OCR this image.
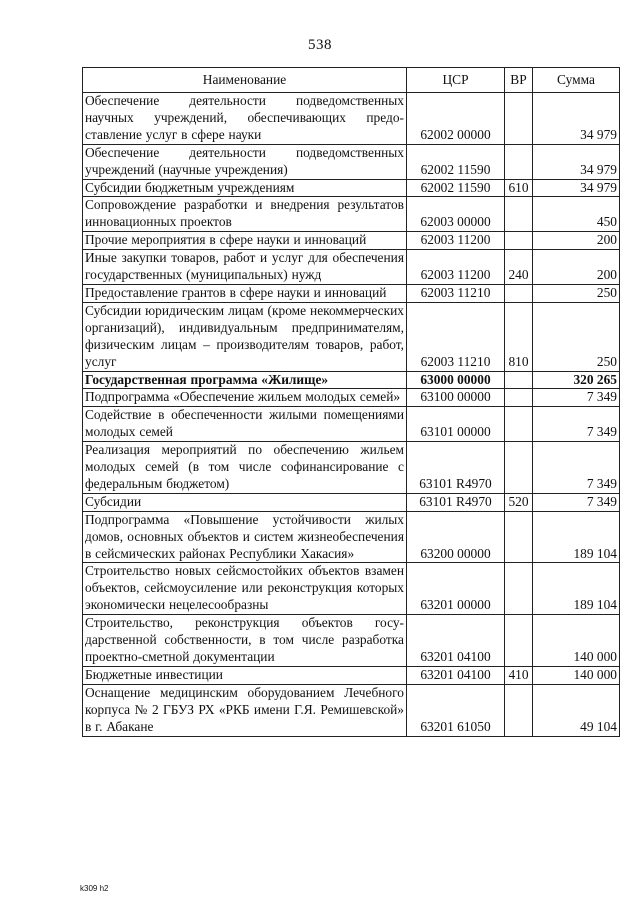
538
Наименование	ЦСР	ВР	Сумма
Обеспечение деятельности подведомственных научных учреждений, обеспечивающих предоставление услуг в сфере науки	62002 00000		34 979
Обеспечение деятельности подведомственных учреждений (научные учреждения)	62002 11590		34 979
Субсидии бюджетным учреждениям	62002 11590	610	34 979
Сопровождение разработки и внедрения результатов инновационных проектов	62003 00000		450
Прочие мероприятия в сфере науки и инноваций	62003 11200		200
Иные закупки товаров, работ и услуг для обеспечения государственных (муниципальных) нужд	62003 11200	240	200
Предоставление грантов в сфере науки и инноваций	62003 11210		250
Субсидии юридическим лицам (кроме некоммерческих организаций), индивидуальным предпринимателям, физическим лицам – производителям товаров, работ, услуг	62003 11210	810	250
Государственная программа «Жилище»	63000 00000		320 265
Подпрограмма «Обеспечение жильем молодых семей»	63100 00000		7 349
Содействие в обеспеченности жилыми помещениями молодых семей	63101 00000		7 349
Реализация мероприятий по обеспечению жильем молодых семей (в том числе софинансирование с федеральным бюджетом)	63101 R4970		7 349
Субсидии	63101 R4970	520	7 349
Подпрограмма «Повышение устойчивости жилых домов, основных объектов и систем жизнеобеспечения в сейсмических районах Республики Хакасия»	63200 00000		189 104
Строительство новых сейсмостойких объектов взамен объектов, сейсмоусиление или реконструкция которых экономически нецелесообразны	63201 00000		189 104
Строительство, реконструкция объектов государственной собственности, в том числе разработка проектно-сметной документации	63201 04100		140 000
Бюджетные инвестиции	63201 04100	410	140 000
Оснащение медицинским оборудованием Лечебного корпуса № 2 ГБУЗ РХ «РКБ имени Г.Я. Ремишевской» в г. Абакане	63201 61050		49 104
k309 h2
